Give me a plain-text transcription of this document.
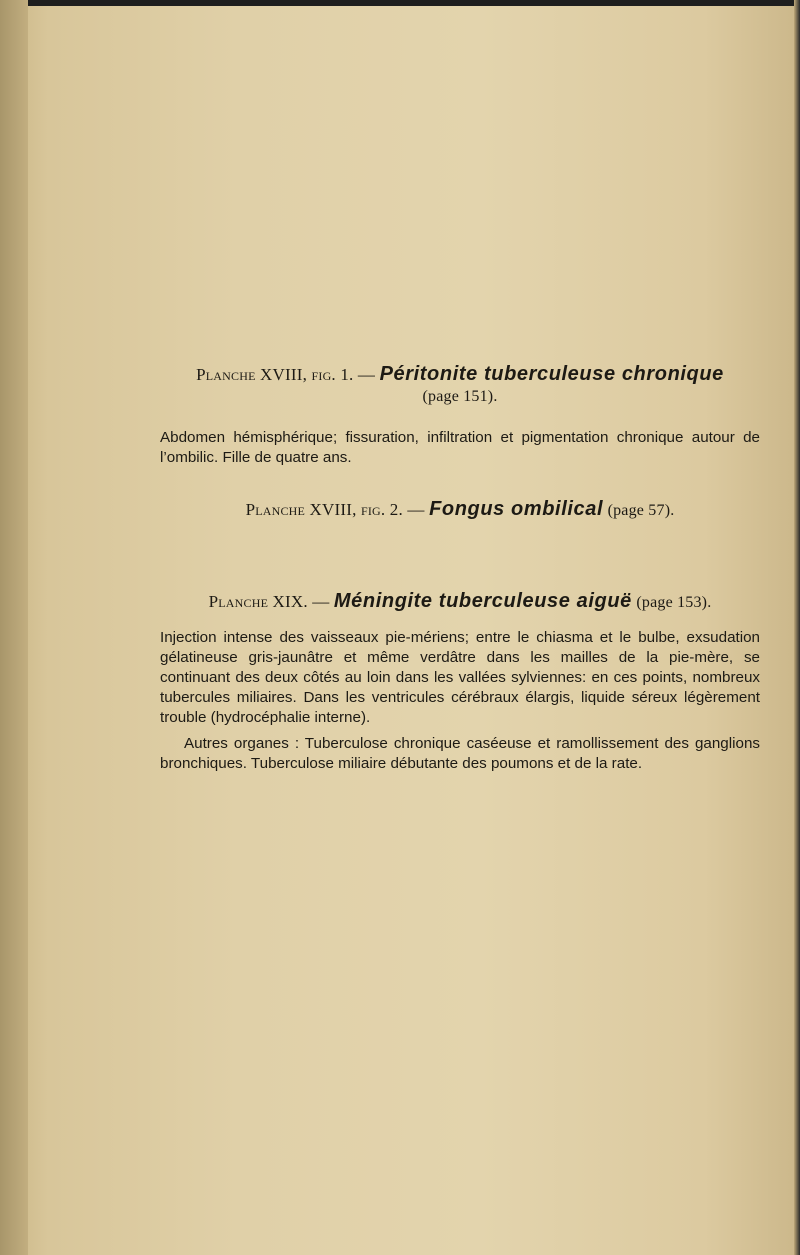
Planche XVIII, fig. 1. — Péritonite tuberculeuse chronique
(page 151).

Abdomen hémisphérique; fissuration, infiltration et pigmentation chronique autour de l’ombilic. Fille de quatre ans.

Planche XVIII, fig. 2. — Fongus ombilical (page 57).
Planche XIX. — Méningite tuberculeuse aiguë (page 153).

Injection intense des vaisseaux pie-mériens; entre le chiasma et le bulbe, exsudation gélatineuse gris-jaunâtre et même verdâtre dans les mailles de la pie-mère, se continuant des deux côtés au loin dans les vallées sylviennes: en ces points, nombreux tubercules miliaires. Dans les ventricules cérébraux élargis, liquide séreux légèrement trouble (hydrocéphalie interne).

Autres organes : Tuberculose chronique caséeuse et ramollissement des ganglions bronchiques. Tuberculose miliaire débutante des poumons et de la rate.
